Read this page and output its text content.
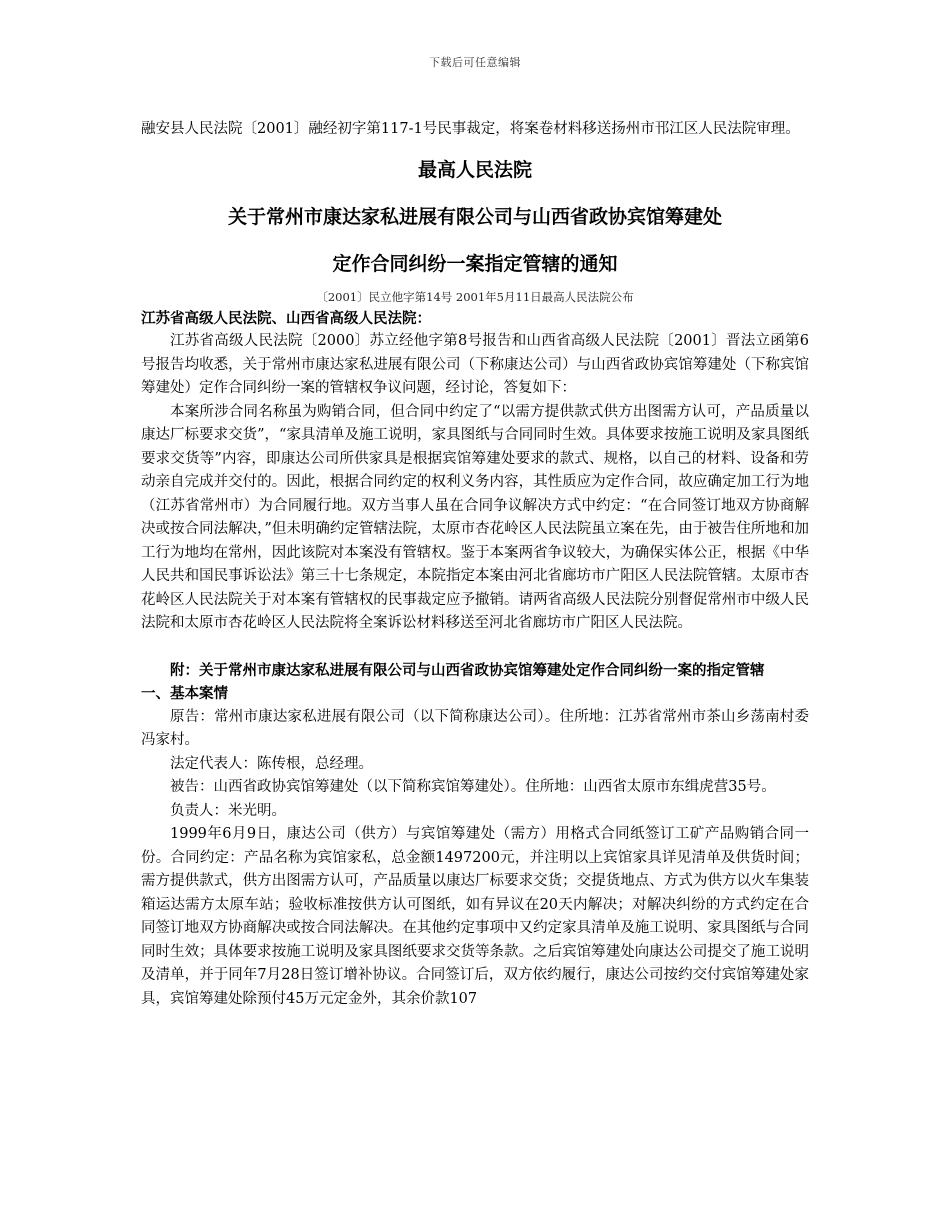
下载后可任意编辑

融安县人民法院〔2001〕融经初字第117-1号民事裁定，将案卷材料移送扬州市邗江区人民法院审理。

最高人民法院

关于常州市康达家私进展有限公司与山西省政协宾馆筹建处

定作合同纠纷一案指定管辖的通知

〔2001〕民立他字第14号 2001年5月11日最高人民法院公布

江苏省高级人民法院、山西省高级人民法院：

江苏省高级人民法院〔2000〕苏立经他字第8号报告和山西省高级人民法院〔2001〕晋法立函第6号报告均收悉，关于常州市康达家私进展有限公司（下称康达公司）与山西省政协宾馆筹建处（下称宾馆筹建处）定作合同纠纷一案的管辖权争议问题，经讨论，答复如下：

本案所涉合同名称虽为购销合同，但合同中约定了“以需方提供款式供方出图需方认可，产品质量以康达厂标要求交货”，“家具清单及施工说明，家具图纸与合同同时生效。具体要求按施工说明及家具图纸要求交货等”内容，即康达公司所供家具是根据宾馆筹建处要求的款式、规格，以自己的材料、设备和劳动亲自完成并交付的。因此，根据合同约定的权利义务内容，其性质应为定作合同，故应确定加工行为地（江苏省常州市）为合同履行地。双方当事人虽在合同争议解决方式中约定：“在合同签订地双方协商解决或按合同法解决，”但未明确约定管辖法院，太原市杏花岭区人民法院虽立案在先，由于被告住所地和加工行为地均在常州，因此该院对本案没有管辖权。鉴于本案两省争议较大，为确保实体公正，根据《中华人民共和国民事诉讼法》第三十七条规定，本院指定本案由河北省廊坊市广阳区人民法院管辖。太原市杏花岭区人民法院关于对本案有管辖权的民事裁定应予撤销。请两省高级人民法院分别督促常州市中级人民法院和太原市杏花岭区人民法院将全案诉讼材料移送至河北省廊坊市广阳区人民法院。

附：关于常州市康达家私进展有限公司与山西省政协宾馆筹建处定作合同纠纷一案的指定管辖

一、基本案情

原告：常州市康达家私进展有限公司（以下简称康达公司）。住所地：江苏省常州市茶山乡荡南村委冯家村。

法定代表人：陈传根，总经理。

被告：山西省政协宾馆筹建处（以下简称宾馆筹建处）。住所地：山西省太原市东缉虎营35号。

负责人：米光明。

1999年6月9日，康达公司（供方）与宾馆筹建处（需方）用格式合同纸签订工矿产品购销合同一份。合同约定：产品名称为宾馆家私，总金额1497200元，并注明以上宾馆家具详见清单及供货时间；需方提供款式，供方出图需方认可，产品质量以康达厂标要求交货；交提货地点、方式为供方以火车集装箱运达需方太原车站；验收标准按供方认可图纸，如有异议在20天内解决；对解决纠纷的方式约定在合同签订地双方协商解决或按合同法解决。在其他约定事项中又约定家具清单及施工说明、家具图纸与合同同时生效；具体要求按施工说明及家具图纸要求交货等条款。之后宾馆筹建处向康达公司提交了施工说明及清单，并于同年7月28日签订增补协议。合同签订后，双方依约履行，康达公司按约交付宾馆筹建处家具，宾馆筹建处除预付45万元定金外，其余价款107
